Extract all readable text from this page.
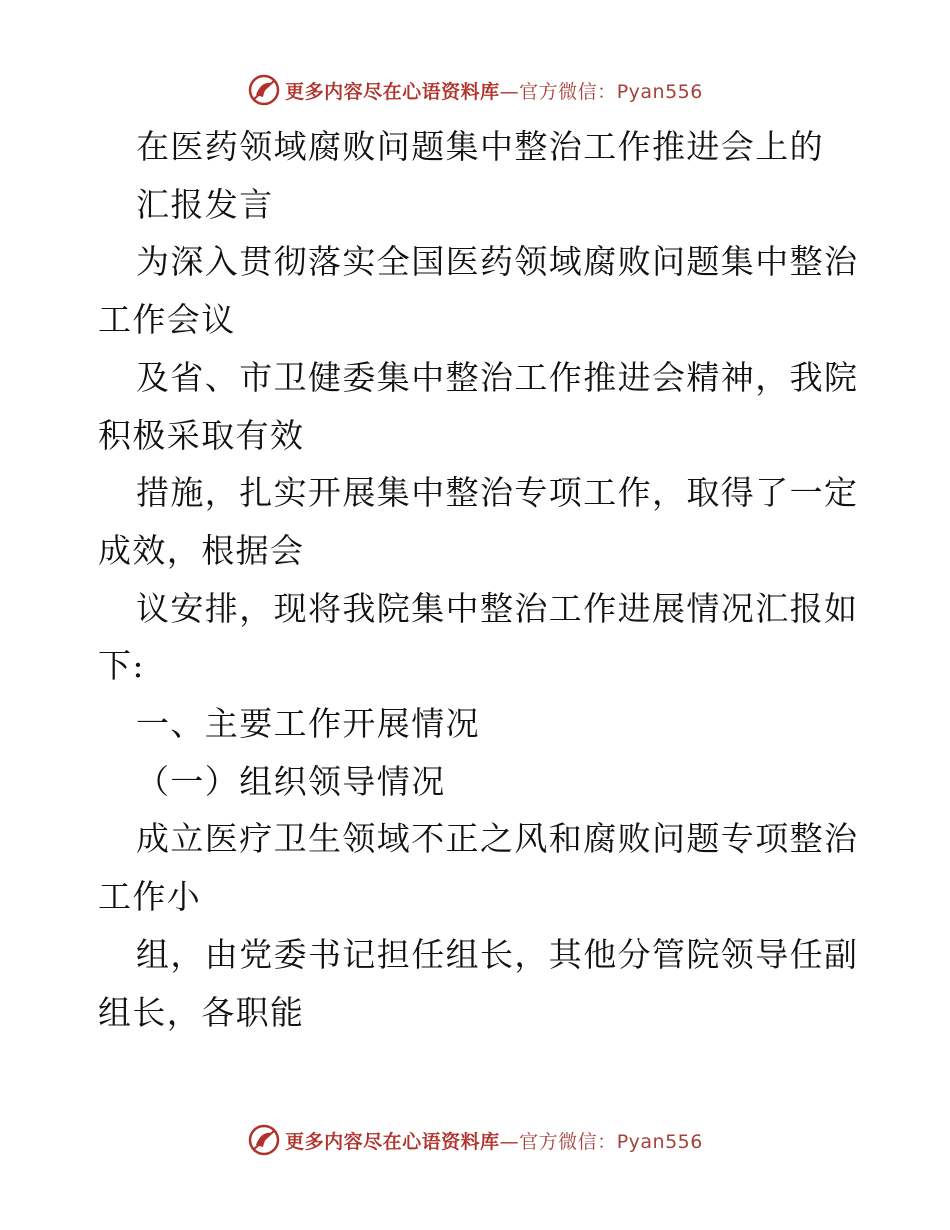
更多内容尽在心语资料库—官方微信：Pyan556

在医药领域腐败问题集中整治工作推进会上的

汇报发言

为深入贯彻落实全国医药领域腐败问题集中整治

工作会议

及省、市卫健委集中整治工作推进会精神，我院

积极采取有效

措施，扎实开展集中整治专项工作，取得了一定

成效，根据会

议安排，现将我院集中整治工作进展情况汇报如

下:

一、主要工作开展情况

（一）组织领导情况

成立医疗卫生领域不正之风和腐败问题专项整治

工作小

组，由党委书记担任组长，其他分管院领导任副

组长，各职能

更多内容尽在心语资料库—官方微信：Pyan556
